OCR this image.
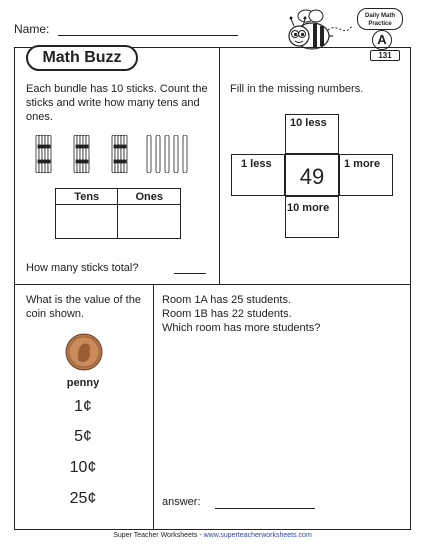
Name:
Daily Math
Practice
A
131
Math Buzz
Each bundle has 10 sticks. Count the sticks and write how many tens and ones.
Tens	Ones

How many sticks total?
Fill in the missing numbers.
10 less
1 less	49	1 more
10 more
What is the value of the coin shown.
penny
1¢
5¢
10¢
25¢
Room 1A has 25 students.
Room 1B has 22 students.
Which room has more students?
answer:
Super Teacher Worksheets - www.superteacherworksheets.com
